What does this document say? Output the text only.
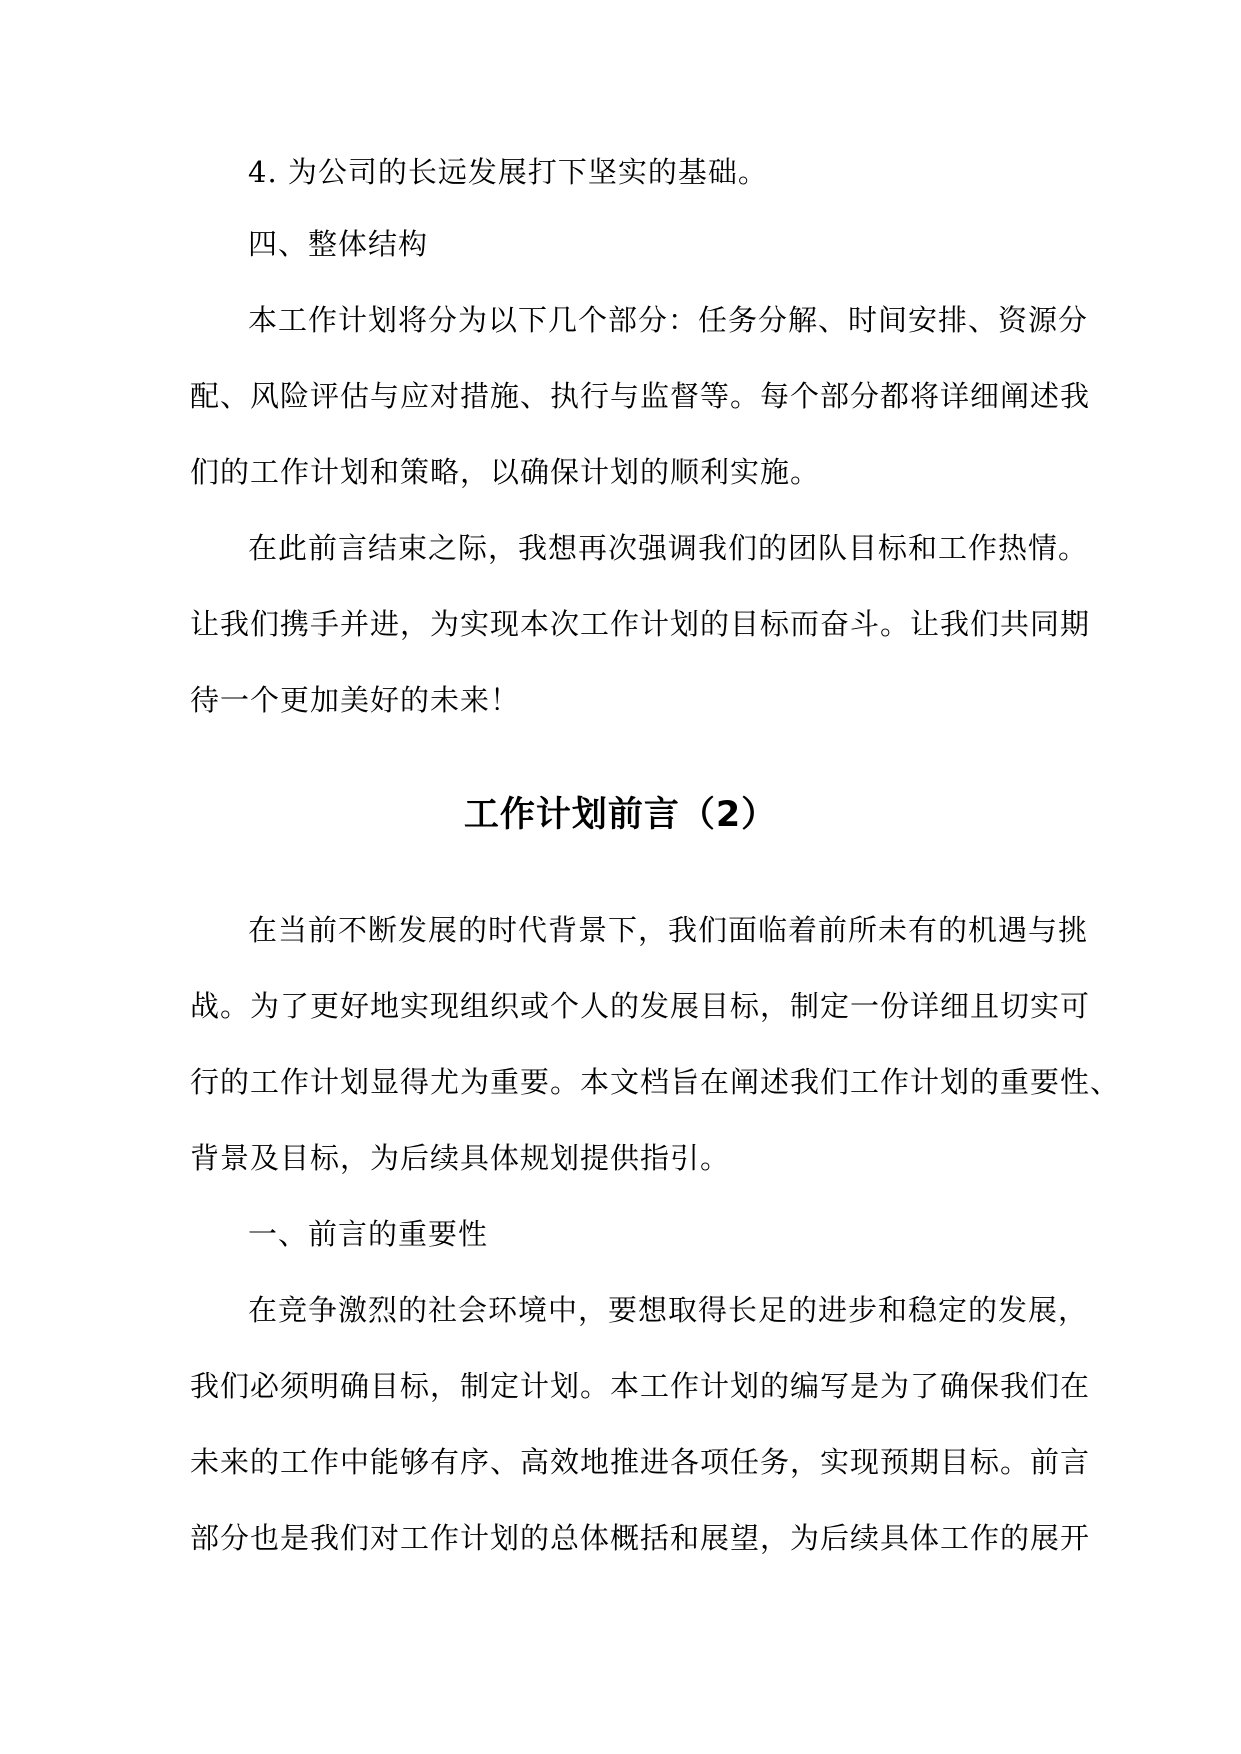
4. 为公司的长远发展打下坚实的基础。
四、整体结构
本工作计划将分为以下几个部分：任务分解、时间安排、资源分
配、风险评估与应对措施、执行与监督等。每个部分都将详细阐述我
们的工作计划和策略，以确保计划的顺利实施。
在此前言结束之际，我想再次强调我们的团队目标和工作热情。
让我们携手并进，为实现本次工作计划的目标而奋斗。让我们共同期
待一个更加美好的未来！
工作计划前言（2）
在当前不断发展的时代背景下，我们面临着前所未有的机遇与挑
战。为了更好地实现组织或个人的发展目标，制定一份详细且切实可
行的工作计划显得尤为重要。本文档旨在阐述我们工作计划的重要性、
背景及目标，为后续具体规划提供指引。
一、前言的重要性
在竞争激烈的社会环境中，要想取得长足的进步和稳定的发展，
我们必须明确目标，制定计划。本工作计划的编写是为了确保我们在
未来的工作中能够有序、高效地推进各项任务，实现预期目标。前言
部分也是我们对工作计划的总体概括和展望，为后续具体工作的展开
